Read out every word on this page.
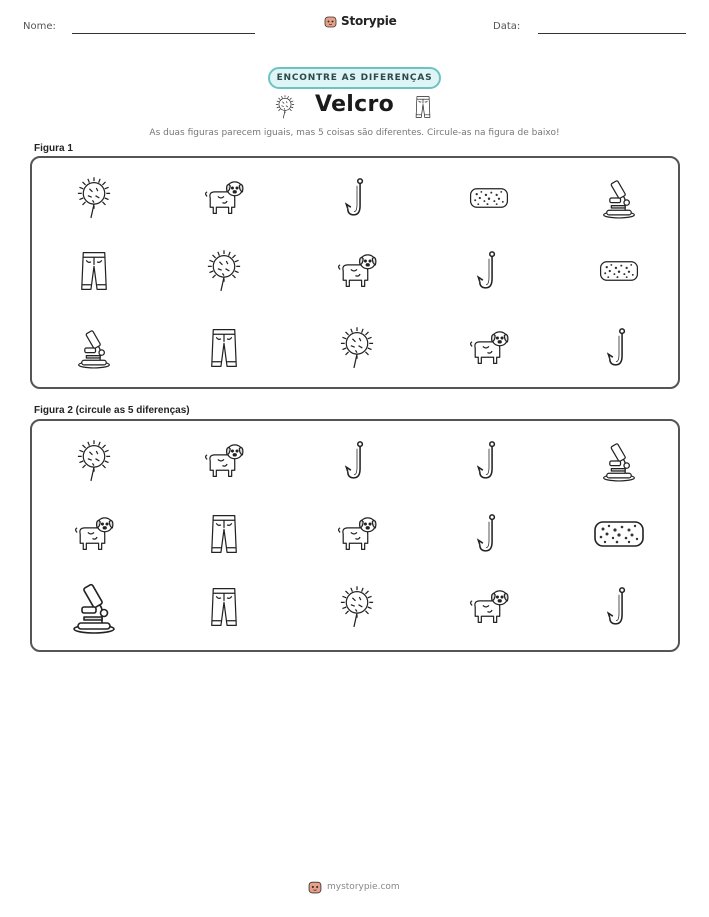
Nome:	Storypie	Data:
ENCONTRE AS DIFERENÇAS
Velcro
As duas figuras parecem iguais, mas 5 coisas são diferentes. Circule-as na figura de baixo!
Figura 1
Figura 2 (circule as 5 diferenças)
mystorypie.com
